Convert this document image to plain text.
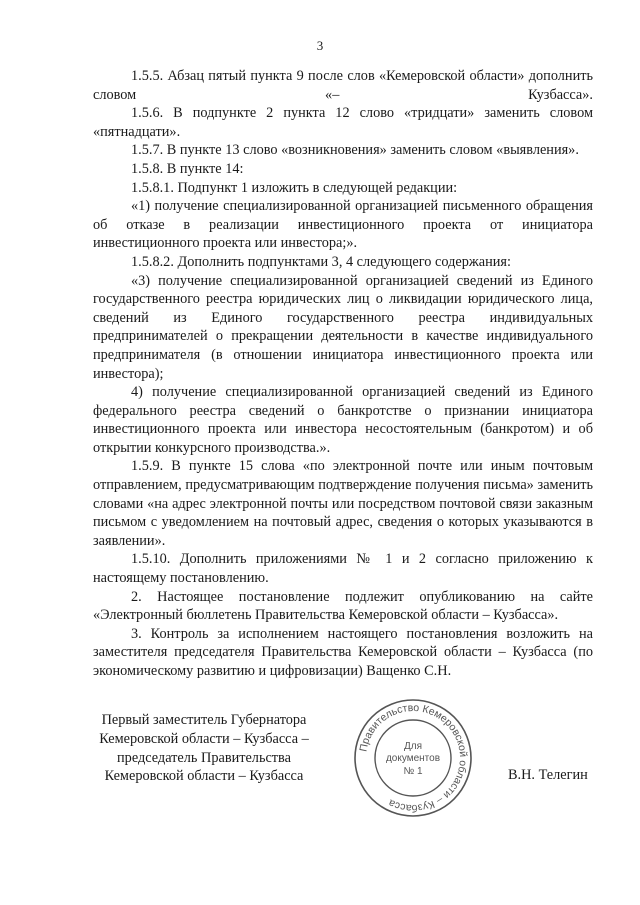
3

1.5.5. Абзац пятый пункта 9 после слов «Кемеровской области» дополнить словом «– Кузбасса».

1.5.6. В подпункте 2 пункта 12 слово «тридцати» заменить словом «пятнадцати».

1.5.7. В пункте 13 слово «возникновения» заменить словом «выявления».

1.5.8. В пункте 14:

1.5.8.1. Подпункт 1 изложить в следующей редакции:

«1) получение специализированной организацией письменного обращения об отказе в реализации инвестиционного проекта от инициатора инвестиционного проекта или инвестора;».

1.5.8.2. Дополнить подпунктами 3, 4 следующего содержания:

«3) получение специализированной организацией сведений из Единого государственного реестра юридических лиц о ликвидации юридического лица, сведений из Единого государственного реестра индивидуальных предпринимателей о прекращении деятельности в качестве индивидуального предпринимателя (в отношении инициатора инвестиционного проекта или инвестора);

4) получение специализированной организацией сведений из Единого федерального реестра сведений о банкротстве о признании инициатора инвестиционного проекта или инвестора несостоятельным (банкротом) и об открытии конкурсного производства.».

1.5.9. В пункте 15 слова «по электронной почте или иным почтовым отправлением, предусматривающим подтверждение получения письма» заменить словами «на адрес электронной почты или посредством почтовой связи заказным письмом с уведомлением на почтовый адрес, сведения о которых указываются в заявлении».

1.5.10. Дополнить приложениями № 1 и 2 согласно приложению к настоящему постановлению.

2. Настоящее постановление подлежит опубликованию на сайте «Электронный бюллетень Правительства Кемеровской области – Кузбасса».

3. Контроль за исполнением настоящего постановления возложить на заместителя председателя Правительства Кемеровской области – Кузбасса (по экономическому развитию и цифровизации) Ващенко С.Н.

Первый заместитель Губернатора
Кемеровской области – Кузбасса –
председатель Правительства
Кемеровской области – Кузбасса
Правительство Кемеровской области – Кузбасса
Для
документов
№ 1	В.Н. Телегин
